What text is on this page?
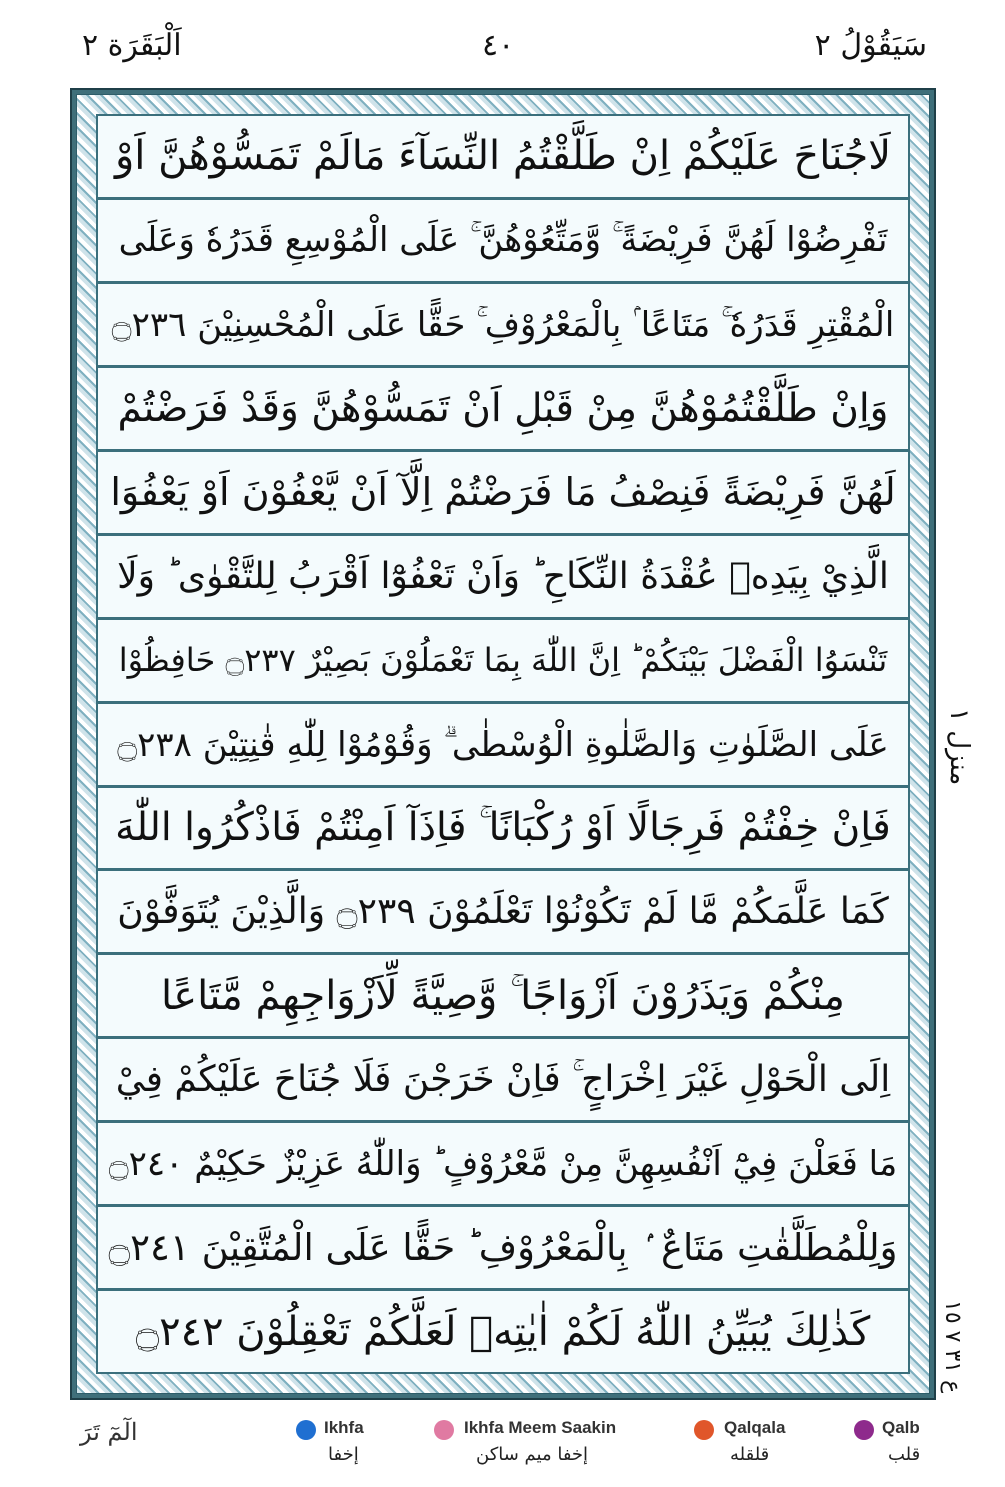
سَيَقُوْلُ ٢
٤٠
اَلْبَقَرَة ٢
لَاجُنَاحَ عَلَيْكُمْ اِنْ طَلَّقْتُمُ النِّسَآءَ مَالَمْ تَمَسُّوْهُنَّ اَوْ
تَفْرِضُوْا لَهُنَّ فَرِيْضَةً ۚ وَّمَتِّعُوْهُنَّ ۚ عَلَى الْمُوْسِعِ قَدَرُهٗ وَعَلَى
الْمُقْتِرِ قَدَرُهٗ ۚ مَتَاعًا ۢ بِالْمَعْرُوْفِ ۚ حَقًّا عَلَى الْمُحْسِنِيْنَ ۝٢٣٦
وَاِنْ طَلَّقْتُمُوْهُنَّ مِنْ قَبْلِ اَنْ تَمَسُّوْهُنَّ وَقَدْ فَرَضْتُمْ
لَهُنَّ فَرِيْضَةً فَنِصْفُ مَا فَرَضْتُمْ اِلَّآ اَنْ يَّعْفُوْنَ اَوْ يَعْفُوَا
الَّذِيْ بِيَدِهٖ عُقْدَةُ النِّكَاحِ ؕ وَاَنْ تَعْفُوْٓا اَقْرَبُ لِلتَّقْوٰى ؕ وَلَا
تَنْسَوُا الْفَضْلَ بَيْنَكُمْ ؕ اِنَّ اللّٰهَ بِمَا تَعْمَلُوْنَ بَصِيْرٌ ۝٢٣٧ حَافِظُوْا
عَلَى الصَّلَوٰتِ وَالصَّلٰوةِ الْوُسْطٰى ۗ وَقُوْمُوْا لِلّٰهِ قٰنِتِيْنَ ۝٢٣٨
فَاِنْ خِفْتُمْ فَرِجَالًا اَوْ رُكْبَانًا ۚ فَاِذَآ اَمِنْتُمْ فَاذْكُرُوا اللّٰهَ
كَمَا عَلَّمَكُمْ مَّا لَمْ تَكُوْنُوْا تَعْلَمُوْنَ ۝٢٣٩ وَالَّذِيْنَ يُتَوَفَّوْنَ
مِنْكُمْ وَيَذَرُوْنَ اَزْوَاجًا ۚ وَّصِيَّةً لِّاَزْوَاجِهِمْ مَّتَاعًا
اِلَى الْحَوْلِ غَيْرَ اِخْرَاجٍ ۚ فَاِنْ خَرَجْنَ فَلَا جُنَاحَ عَلَيْكُمْ فِيْ
مَا فَعَلْنَ فِيْٓ اَنْفُسِهِنَّ مِنْ مَّعْرُوْفٍ ؕ وَاللّٰهُ عَزِيْزٌ حَكِيْمٌ ۝٢٤٠
وَلِلْمُطَلَّقٰتِ مَتَاعٌ ۢ بِالْمَعْرُوْفِ ؕ حَقًّا عَلَى الْمُتَّقِيْنَ ۝٢٤١
كَذٰلِكَ يُبَيِّنُ اللّٰهُ لَكُمْ اٰيٰتِهٖ لَعَلَّكُمْ تَعْقِلُوْنَ ۝٢٤٢
منزل ١
ع ٣١ ٧ ١٥
الٓمٓ تَرَ	Ikhfa
إخفا
Ikhfa Meem Saakin
إخفا ميم ساكن
Qalqala
قلقله
Qalb
قلب
